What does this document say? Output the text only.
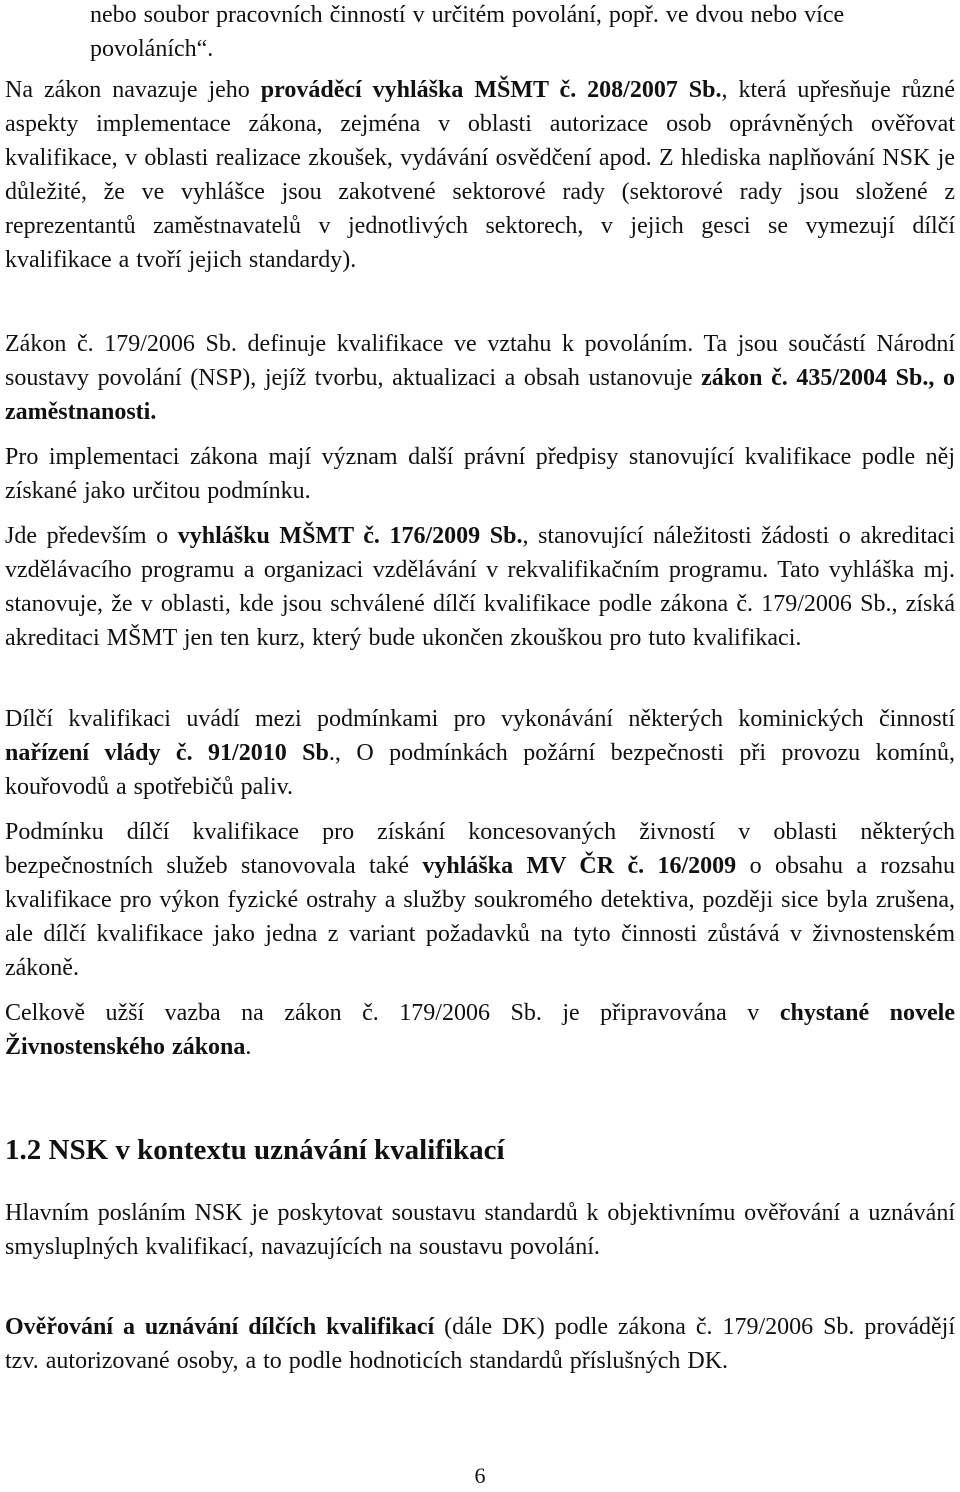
nebo soubor pracovních činností v určitém povolání, popř. ve dvou nebo více povoláních“.

Na zákon navazuje jeho prováděcí vyhláška MŠMT č. 208/2007 Sb., která upřesňuje různé aspekty implementace zákona, zejména v oblasti autorizace osob oprávněných ověřovat kvalifikace, v oblasti realizace zkoušek, vydávání osvědčení apod. Z hlediska naplňování NSK je důležité, že ve vyhlášce jsou zakotvené sektorové rady (sektorové rady jsou složené z reprezentantů zaměstnavatelů v jednotlivých sektorech, v jejich gesci se vymezují dílčí kvalifikace a tvoří jejich standardy).

Zákon č. 179/2006 Sb. definuje kvalifikace ve vztahu k povoláním. Ta jsou součástí Národní soustavy povolání (NSP), jejíž tvorbu, aktualizaci a obsah ustanovuje zákon č. 435/2004 Sb., o zaměstnanosti.

Pro implementaci zákona mají význam další právní předpisy stanovující kvalifikace podle něj získané jako určitou podmínku.

Jde především o vyhlášku MŠMT č. 176/2009 Sb., stanovující náležitosti žádosti o akreditaci vzdělávacího programu a organizaci vzdělávání v rekvalifikačním programu. Tato vyhláška mj. stanovuje, že v oblasti, kde jsou schválené dílčí kvalifikace podle zákona č. 179/2006 Sb., získá akreditaci MŠMT jen ten kurz, který bude ukončen zkouškou pro tuto kvalifikaci.

Dílčí kvalifikaci uvádí mezi podmínkami pro vykonávání některých kominických činností nařízení vlády č. 91/2010 Sb., O podmínkách požární bezpečnosti při provozu komínů, kouřovodů a spotřebičů paliv.

Podmínku dílčí kvalifikace pro získání koncesovaných živností v oblasti některých bezpečnostních služeb stanovovala také vyhláška MV ČR č. 16/2009 o obsahu a rozsahu kvalifikace pro výkon fyzické ostrahy a služby soukromého detektiva, později sice byla zrušena, ale dílčí kvalifikace jako jedna z variant požadavků na tyto činnosti zůstává v živnostenském zákoně.

Celkově užší vazba na zákon č. 179/2006 Sb. je připravována v chystané novele Živnostenského zákona.

1.2 NSK v kontextu uznávání kvalifikací

Hlavním posláním NSK je poskytovat soustavu standardů k objektivnímu ověřování a uznávání smysluplných kvalifikací, navazujících na soustavu povolání.

Ověřování a uznávání dílčích kvalifikací (dále DK) podle zákona č. 179/2006 Sb. provádějí tzv. autorizované osoby, a to podle hodnoticích standardů příslušných DK.

6
